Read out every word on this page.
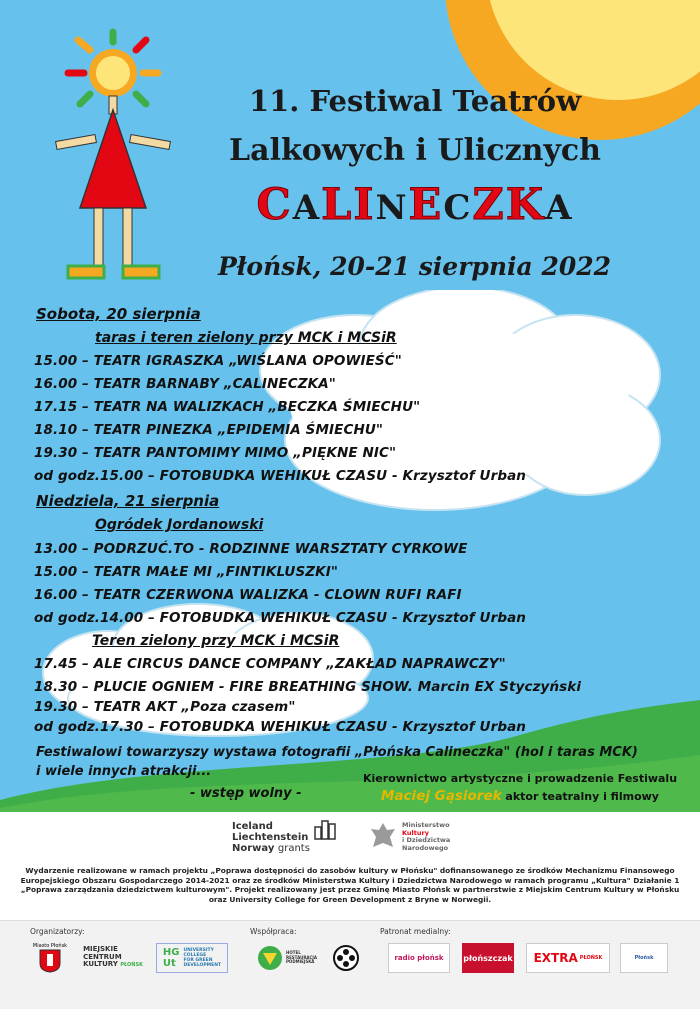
11. Festiwal Teatrów
Lalkowych i Ulicznych
CALINECZKA
Płońsk, 20-21 sierpnia 2022
Sobota, 20 sierpnia
taras i teren zielony przy MCK i MCSiR
15.00 – TEATR IGRASZKA „WIŚLANA OPOWIEŚĆ"
16.00 – TEATR BARNABY „CALINECZKA"
17.15 – TEATR NA WALIZKACH „BECZKA ŚMIECHU"
18.10 – TEATR PINEZKA „EPIDEMIA ŚMIECHU"
19.30 – TEATR PANTOMIMY MIMO „PIĘKNE NIC"
od godz.15.00 – FOTOBUDKA WEHIKUŁ CZASU - Krzysztof Urban
Niedziela, 21 sierpnia
Ogródek Jordanowski
13.00 – PODRZUĆ.TO - RODZINNE WARSZTATY CYRKOWE
15.00 – TEATR MAŁE MI „FINTIKLUSZKI"
16.00 – TEATR CZERWONA WALIZKA - CLOWN RUFI RAFI
od godz.14.00 – FOTOBUDKA WEHIKUŁ CZASU - Krzysztof Urban
Teren zielony przy MCK i MCSiR
17.45 – ALE CIRCUS DANCE COMPANY „ZAKŁAD NAPRAWCZY"
18.30 – PLUCIE OGNIEM - FIRE BREATHING SHOW. Marcin EX Styczyński
19.30 – TEATR AKT „Poza czasem"
od godz.17.30 – FOTOBUDKA WEHIKUŁ CZASU - Krzysztof Urban
Festiwalowi towarzyszy wystawa fotografii „Płońska Calineczka" (hol i taras MCK)
i wiele innych atrakcji...
- wstęp wolny -
Kierownictwo artystyczne i prowadzenie Festiwalu
Maciej Gąsiorek aktor teatralny i filmowy
Iceland
Liechtenstein
Norway grants
Ministerstwo
Kultury
i Dziedzictwa
Narodowego
Wydarzenie realizowane w ramach projektu „Poprawa dostępności do zasobów kultury w Płońsku" dofinansowanego ze środków Mechanizmu Finansowego Europejskiego Obszaru Gospodarczego 2014-2021 oraz ze środków Ministerstwa Kultury i Dziedzictwa Narodowego w ramach programu „Kultura" Działanie 1 „Poprawa zarządzania dziedzictwem kulturowym". Projekt realizowany jest przez Gminę Miasto Płońsk w partnerstwie z Miejskim Centrum Kultury w Płońsku oraz University College for Green Development z Bryne w Norwegii.
Organizatorzy:	Współpraca:	Patronat medialny:
Miasto Płońsk MIEJSKIE
CENTRUM
KULTURY PŁOŃSK
HG
Ut
UNIVERSITY
COLLEGE
FOR GREEN
DEVELOPMENT
HOTEL
RESTAURACJA
PODMIEJSKA	radio płońsk	płońszczak EXTRA PŁOŃSK	Płońsk
